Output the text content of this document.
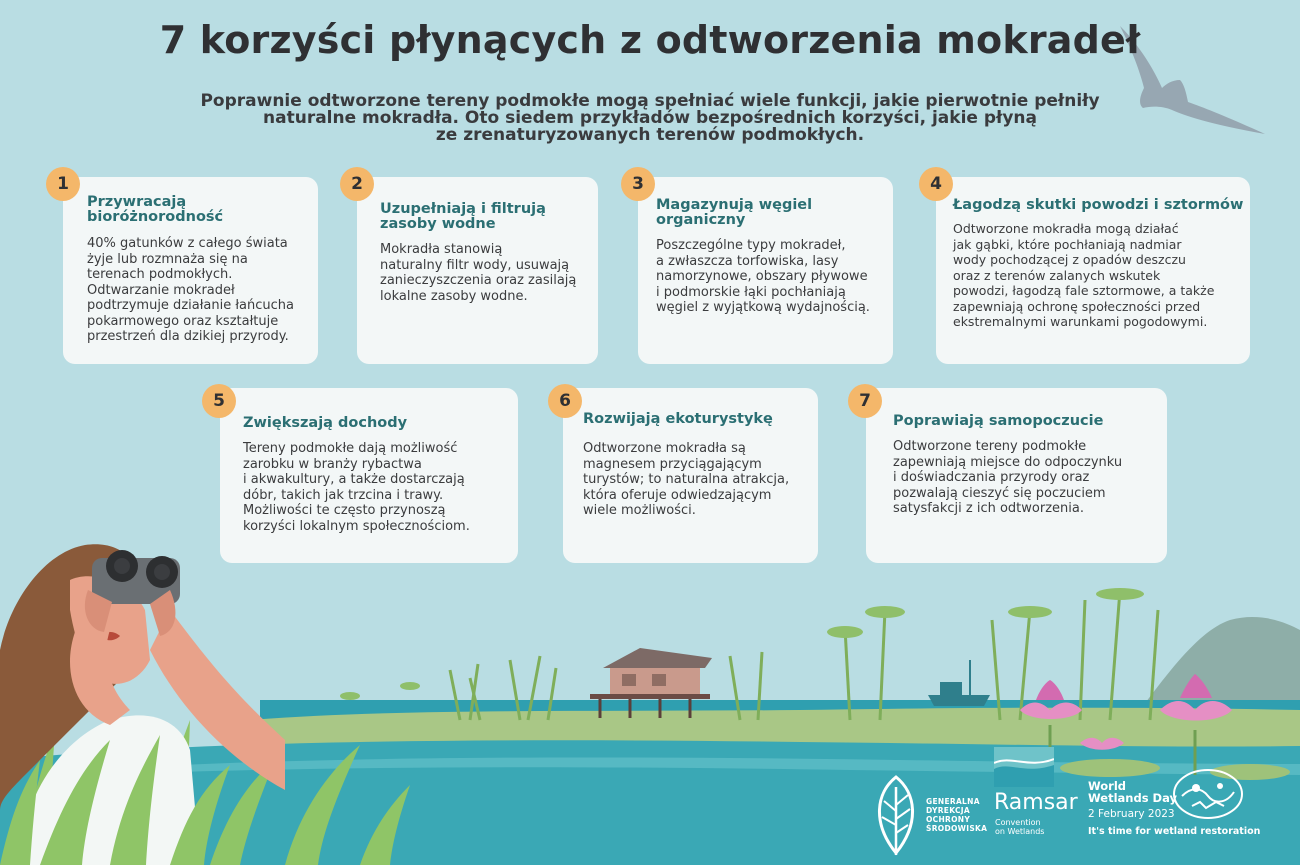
7 korzyści płynących z odtworzenia mokradeł
Poprawnie odtworzone tereny podmokłe mogą spełniać wiele funkcji, jakie pierwotnie pełniły
naturalne mokradła. Oto siedem przykładów bezpośrednich korzyści, jakie płyną
ze zrenaturyzowanych terenów podmokłych.
Przywracają
bioróżnorodność
40% gatunków z całego świata
żyje lub rozmnaża się na
terenach podmokłych.
Odtwarzanie mokradeł
podtrzymuje działanie łańcucha
pokarmowego oraz kształtuje
przestrzeń dla dzikiej przyrody.
1
Uzupełniają i filtrują
zasoby wodne
Mokradła stanowią
naturalny filtr wody, usuwają
zanieczyszczenia oraz zasilają
lokalne zasoby wodne.
2
Magazynują węgiel
organiczny
Poszczególne typy mokradeł,
a zwłaszcza torfowiska, lasy
namorzynowe, obszary pływowe
i podmorskie łąki pochłaniają
węgiel z wyjątkową wydajnością.
3
Łagodzą skutki powodzi i sztormów
Odtworzone mokradła mogą działać
jak gąbki, które pochłaniają nadmiar
wody pochodzącej z opadów deszczu
oraz z terenów zalanych wskutek
powodzi, łagodzą fale sztormowe, a także
zapewniają ochronę społeczności przed
ekstremalnymi warunkami pogodowymi.
4
Zwiększają dochody
Tereny podmokłe dają możliwość
zarobku w branży rybactwa
i akwakultury, a także dostarczają
dóbr, takich jak trzcina i trawy.
Możliwości te często przynoszą
korzyści lokalnym społecznościom.
5
Rozwijają ekoturystykę
Odtworzone mokradła są
magnesem przyciągającym
turystów; to naturalna atrakcja,
która oferuje odwiedzającym
wiele możliwości.
6
Poprawiają samopoczucie
Odtworzone tereny podmokłe
zapewniają miejsce do odpoczynku
i doświadczania przyrody oraz
pozwalają cieszyć się poczuciem
satysfakcji z ich odtworzenia.
7
GENERALNA
DYREKCJA
OCHRONY
ŚRODOWISKA
Ramsar
Convention
on Wetlands
World
Wetlands Day
2 February 2023
It's time for wetland restoration
